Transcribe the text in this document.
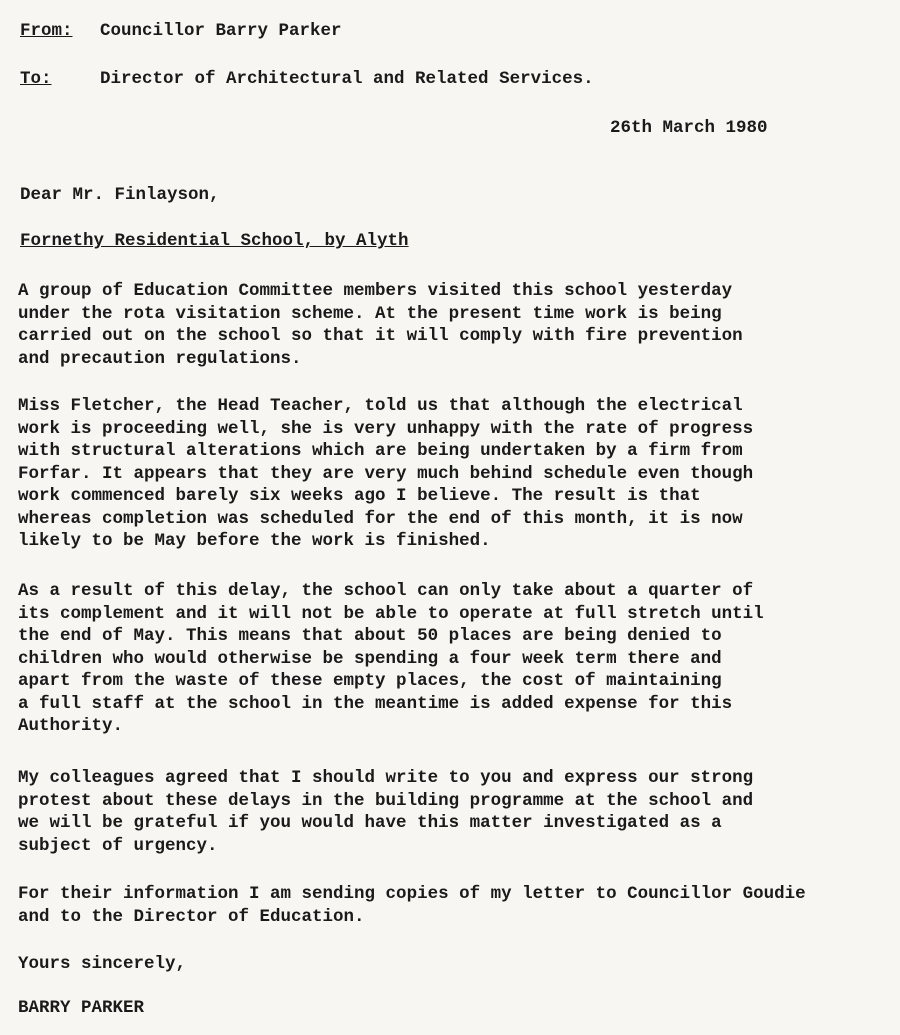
From: Councillor Barry Parker
To:	Director of Architectural and Related Services.
26th March 1980
Dear Mr. Finlayson,
Fornethy Residential School, by Alyth
A group of Education Committee members visited this school yesterday
under the rota visitation scheme. At the present time work is being
carried out on the school so that it will comply with fire prevention
and precaution regulations.
Miss Fletcher, the Head Teacher, told us that although the electrical
work is proceeding well, she is very unhappy with the rate of progress
with structural alterations which are being undertaken by a firm from
Forfar. It appears that they are very much behind schedule even though
work commenced barely six weeks ago I believe. The result is that
whereas completion was scheduled for the end of this month, it is now
likely to be May before the work is finished.
As a result of this delay, the school can only take about a quarter of
its complement and it will not be able to operate at full stretch until
the end of May. This means that about 50 places are being denied to
children who would otherwise be spending a four week term there and
apart from the waste of these empty places, the cost of maintaining
a full staff at the school in the meantime is added expense for this
Authority.
My colleagues agreed that I should write to you and express our strong
protest about these delays in the building programme at the school and
we will be grateful if you would have this matter investigated as a
subject of urgency.
For their information I am sending copies of my letter to Councillor Goudie
and to the Director of Education.
Yours sincerely,
BARRY PARKER
